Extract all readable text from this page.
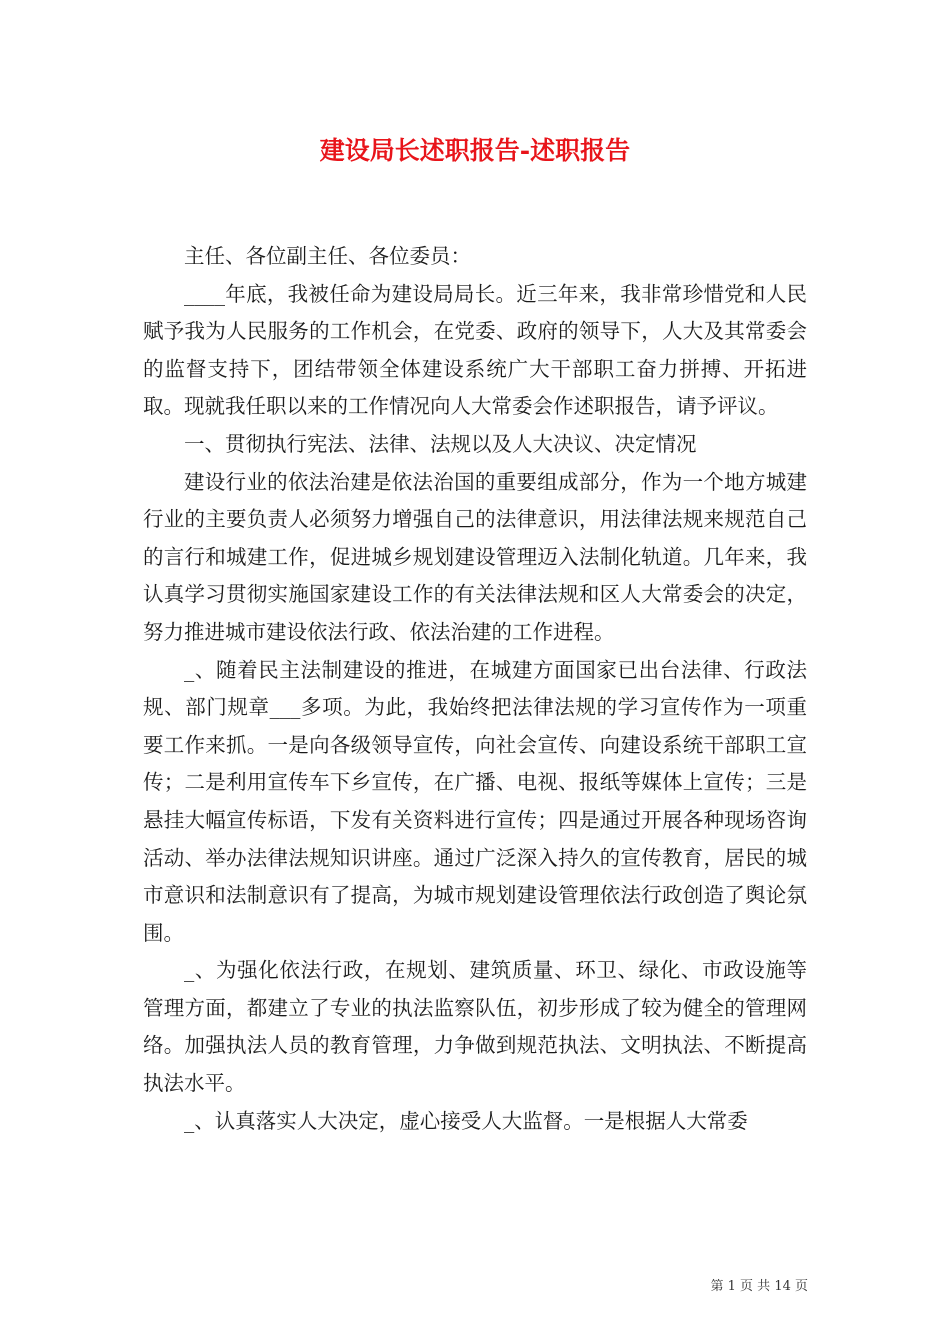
建设局长述职报告-述职报告

主任、各位副主任、各位委员：

____年底，我被任命为建设局局长。近三年来，我非常珍惜党和人民赋予我为人民服务的工作机会，在党委、政府的领导下，人大及其常委会的监督支持下，团结带领全体建设系统广大干部职工奋力拼搏、开拓进取。现就我任职以来的工作情况向人大常委会作述职报告，请予评议。

一、贯彻执行宪法、法律、法规以及人大决议、决定情况

建设行业的依法治建是依法治国的重要组成部分，作为一个地方城建行业的主要负责人必须努力增强自己的法律意识，用法律法规来规范自己的言行和城建工作，促进城乡规划建设管理迈入法制化轨道。几年来，我认真学习贯彻实施国家建设工作的有关法律法规和区人大常委会的决定，努力推进城市建设依法行政、依法治建的工作进程。

_、随着民主法制建设的推进，在城建方面国家已出台法律、行政法规、部门规章___多项。为此，我始终把法律法规的学习宣传作为一项重要工作来抓。一是向各级领导宣传，向社会宣传、向建设系统干部职工宣传；二是利用宣传车下乡宣传，在广播、电视、报纸等媒体上宣传；三是悬挂大幅宣传标语，下发有关资料进行宣传；四是通过开展各种现场咨询活动、举办法律法规知识讲座。通过广泛深入持久的宣传教育，居民的城市意识和法制意识有了提高，为城市规划建设管理依法行政创造了舆论氛围。

_、为强化依法行政，在规划、建筑质量、环卫、绿化、市政设施等管理方面，都建立了专业的执法监察队伍，初步形成了较为健全的管理网络。加强执法人员的教育管理，力争做到规范执法、文明执法、不断提高执法水平。

_、认真落实人大决定，虚心接受人大监督。一是根据人大常委

第 1 页 共 14 页
